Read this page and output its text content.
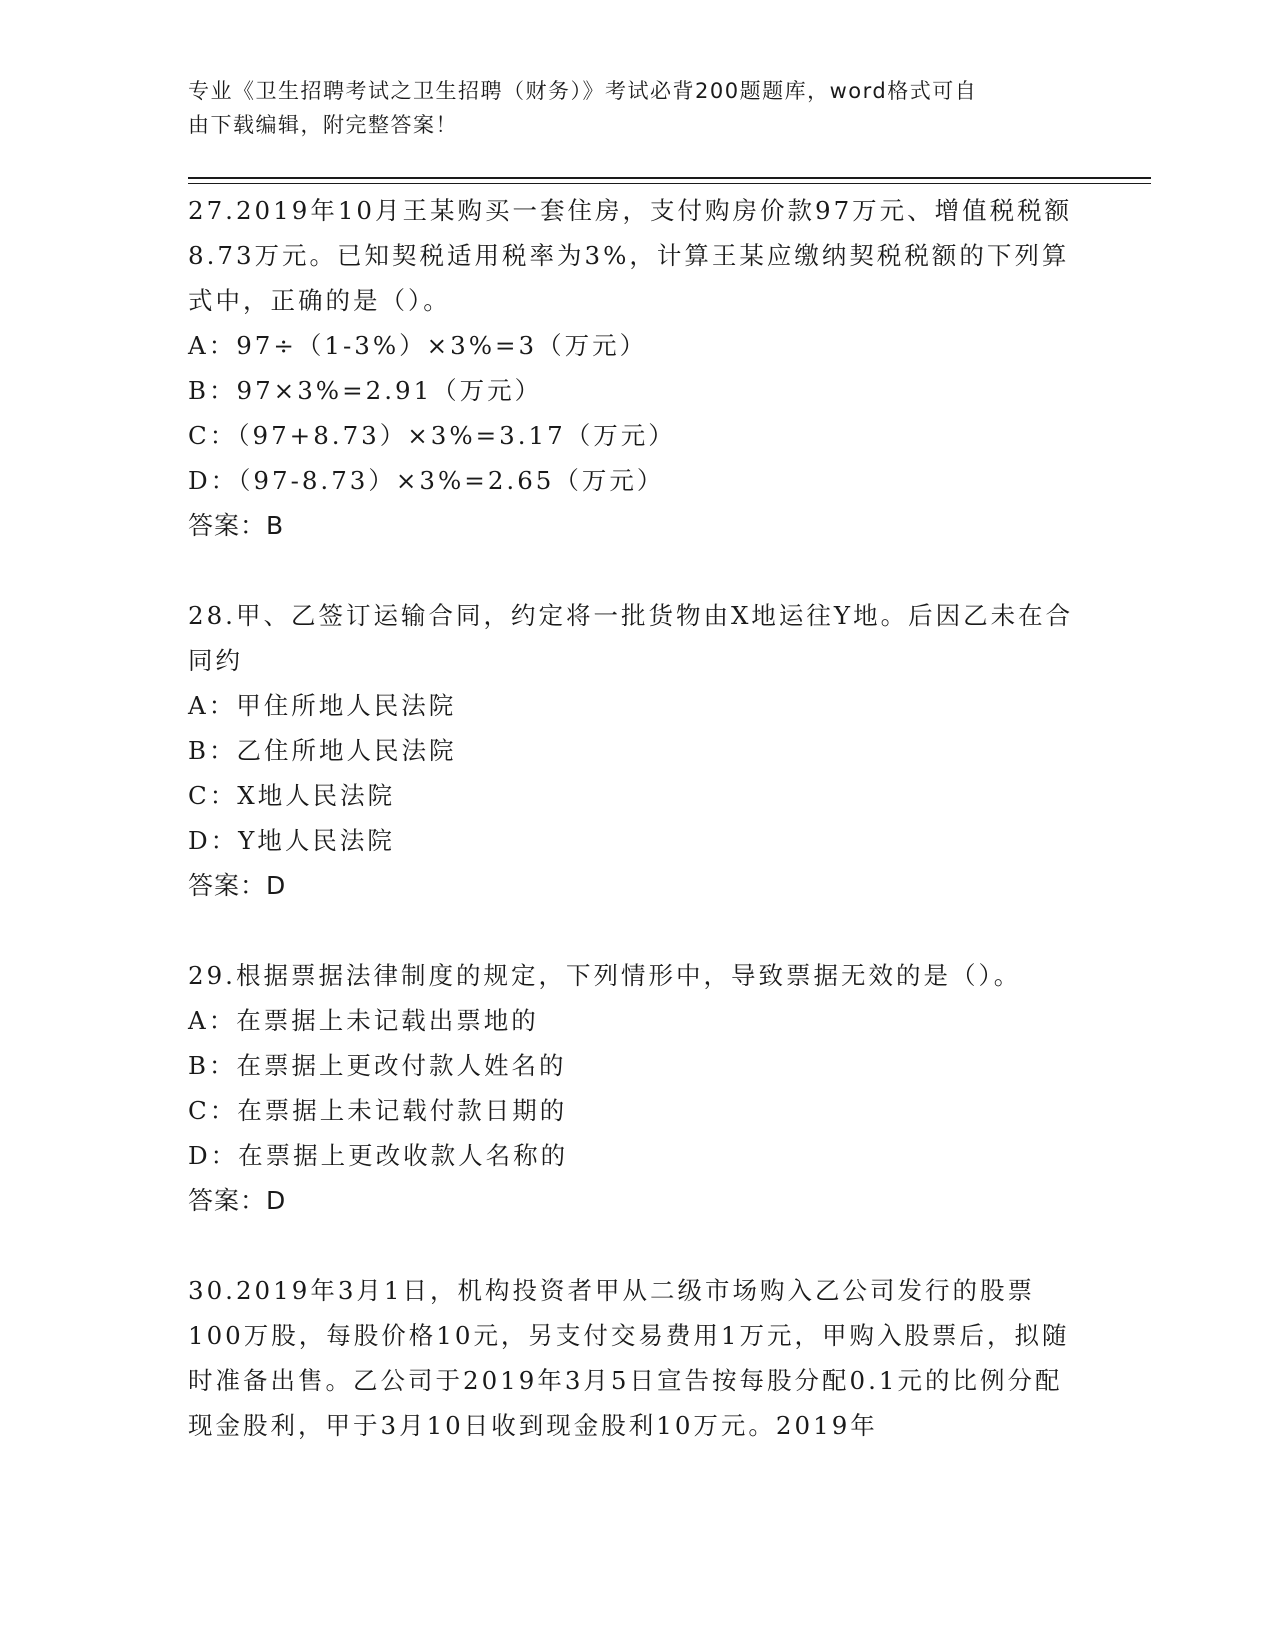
专业《卫生招聘考试之卫生招聘（财务）》考试必背200题题库，word格式可自
由下载编辑，附完整答案！

27.2019年10月王某购买一套住房，支付购房价款97万元、增值税税额8.73万元。已知契税适用税率为3%，计算王某应缴纳契税税额的下列算式中，正确的是（）。

A：97÷（1-3%）×3%=3（万元）

B：97×3%=2.91（万元）

C：（97+8.73）×3%=3.17（万元）

D：（97-8.73）×3%=2.65（万元）

答案：B

28.甲、乙签订运输合同，约定将一批货物由X地运往Y地。后因乙未在合同约

A：甲住所地人民法院

B：乙住所地人民法院

C：X地人民法院

D：Y地人民法院

答案：D

29.根据票据法律制度的规定，下列情形中，导致票据无效的是（）。

A：在票据上未记载出票地的

B：在票据上更改付款人姓名的

C：在票据上未记载付款日期的

D：在票据上更改收款人名称的

答案：D

30.2019年3月1日，机构投资者甲从二级市场购入乙公司发行的股票100万股，每股价格10元，另支付交易费用1万元，甲购入股票后，拟随时准备出售。乙公司于2019年3月5日宣告按每股分配0.1元的比例分配现金股利，甲于3月10日收到现金股利10万元。2019年
